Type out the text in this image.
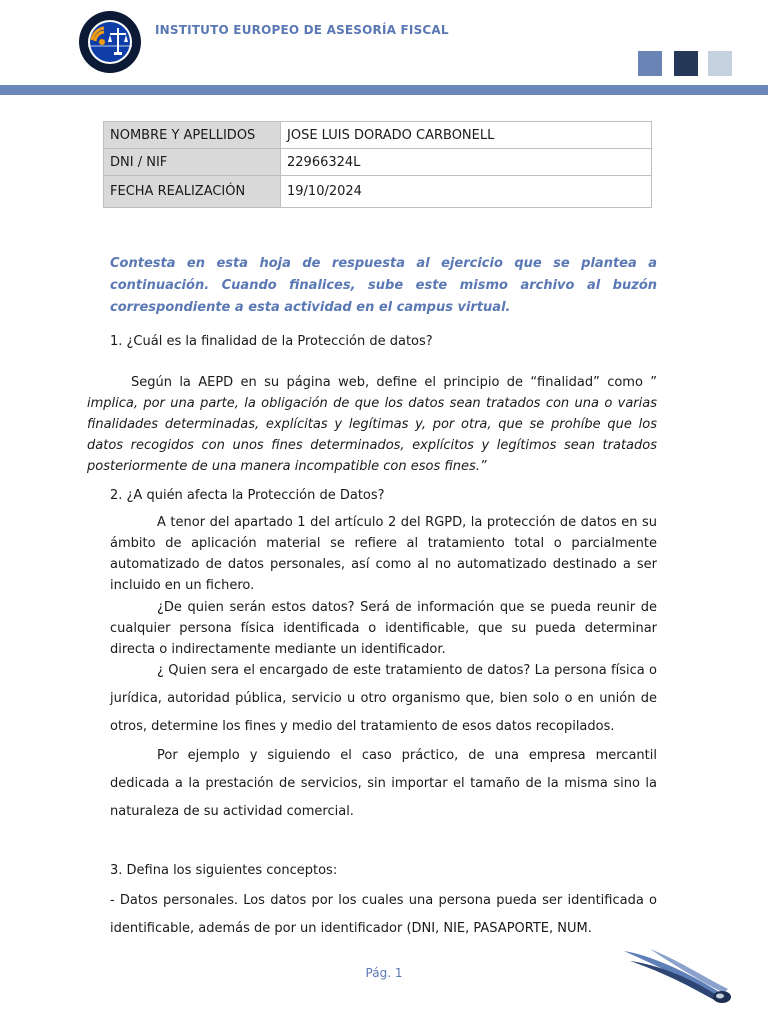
INSTITUTO EUROPEO DE ASESORÍA FISCAL
NOMBRE Y APELLIDOS	JOSE LUIS DORADO CARBONELL
DNI / NIF	22966324L
FECHA REALIZACIÓN	19/10/2024
Contesta en esta hoja de respuesta al ejercicio que se plantea a continuación. Cuando finalices, sube este mismo archivo al buzón correspondiente a esta actividad en el campus virtual.

1. ¿Cuál es la finalidad de la Protección de datos?

Según la AEPD en su página web, define el principio de “finalidad” como ” implica, por una parte, la obligación de que los datos sean tratados con una o varias finalidades determinadas, explícitas y legítimas y, por otra, que se prohíbe que los datos recogidos con unos fines determinados, explícitos y legítimos sean tratados posteriormente de una manera incompatible con esos fines.”

2. ¿A quién afecta la Protección de Datos?

A tenor del apartado 1 del artículo 2 del RGPD, la protección de datos en su ámbito de aplicación material se refiere al tratamiento total o parcialmente automatizado de datos personales, así como al no automatizado destinado a ser incluido en un fichero.

¿De quien serán estos datos? Será de información que se pueda reunir de cualquier persona física identificada o identificable, que su pueda determinar directa o indirectamente mediante un identificador.

¿ Quien sera el encargado de este tratamiento de datos? La persona física o jurídica, autoridad pública, servicio u otro organismo que, bien solo o en unión de otros, determine los fines y medio del tratamiento de esos datos recopilados.

Por ejemplo y siguiendo el caso práctico, de una empresa mercantil dedicada a la prestación de servicios, sin importar el tamaño de la misma sino la naturaleza de su actividad comercial.

3. Defina los siguientes conceptos:

- Datos personales. Los datos por los cuales una persona pueda ser identificada o identificable, además de por un identificador (DNI, NIE, PASAPORTE, NUM.

Pág. 1
